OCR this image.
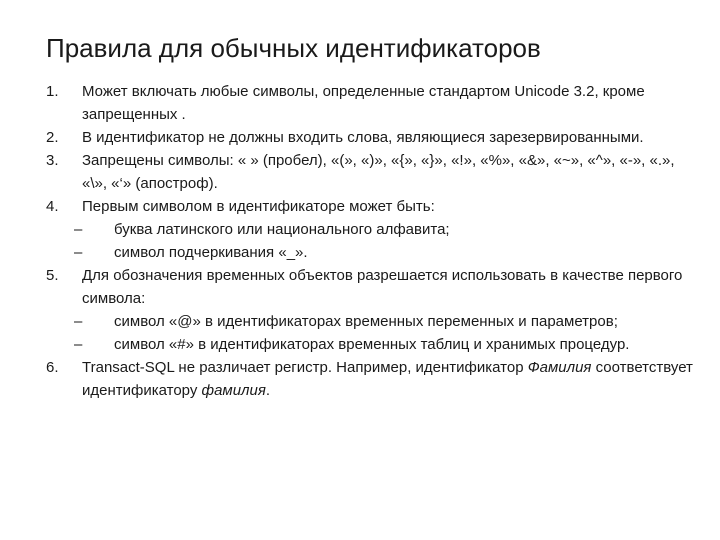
Правила для обычных идентификаторов
1. Может включать любые символы, определенные стандартом Unicode 3.2, кроме запрещенных .
2. В идентификатор не должны входить слова, являющиеся зарезервированными.
3. Запрещены символы: « » (пробел), «(», «)», «{», «}», «!», «%», «&», «~», «^», «-», «.», «\», «‘» (апостроф).
4. Первым символом в идентификаторе может быть:
– буква латинского или национального алфавита;
– символ подчеркивания «_».
5. Для обозначения временных объектов разрешается использовать в качестве первого символа:
– символ «@» в идентификаторах временных переменных и параметров;
– символ «#» в идентификаторах временных таблиц и хранимых процедур.
6. Transact-SQL не различает регистр. Например, идентификатор Фамилия соответствует идентификатору фамилия.
